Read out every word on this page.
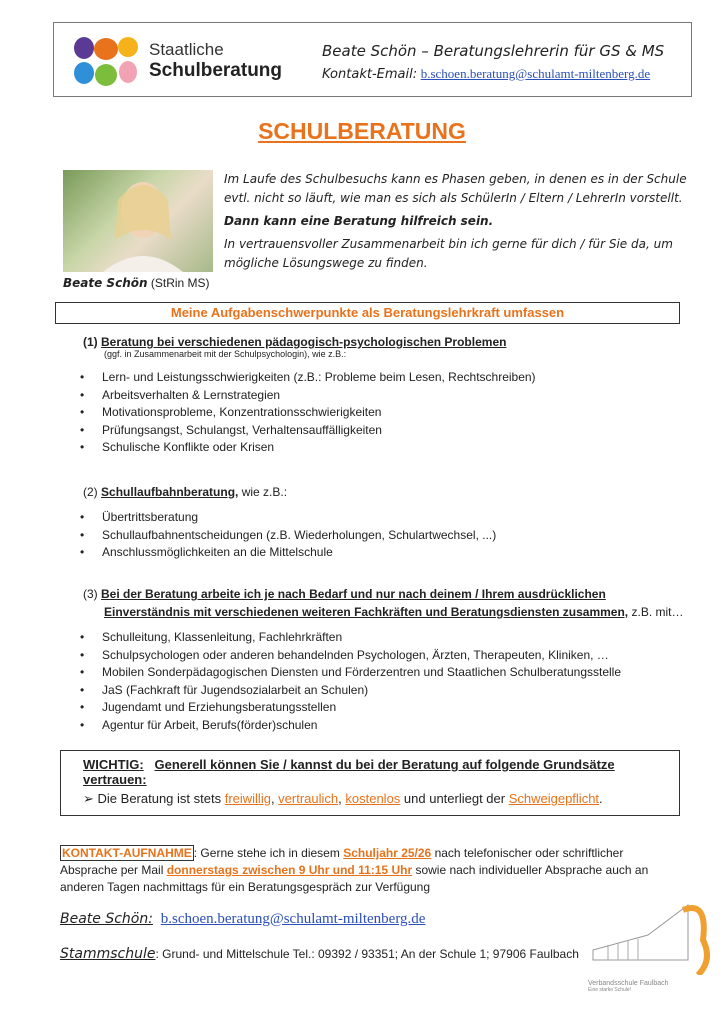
Staatliche
Schulberatung
Beate Schön – Beratungslehrerin für GS & MS
Kontakt-Email: b.schoen.beratung@schulamt-miltenberg.de
SCHULBERATUNG

Im Laufe des Schulbesuchs kann es Phasen geben, in denen es in der Schule evtl. nicht so läuft, wie man es sich als SchülerIn / Eltern / LehrerIn vorstellt.

Dann kann eine Beratung hilfreich sein.

In vertrauensvoller Zusammenarbeit bin ich gerne für dich / für Sie da, um mögliche Lösungswege zu finden.

Beate Schön (StRin MS)
Meine Aufgabenschwerpunkte als Beratungslehrkraft umfassen
(1) Beratung bei verschiedenen pädagogisch-psychologischen Problemen
(ggf. in Zusammenarbeit mit der Schulpsychologin), wie z.B.:
• Lern- und Leistungsschwierigkeiten (z.B.: Probleme beim Lesen, Rechtschreiben)
• Arbeitsverhalten & Lernstrategien
• Motivationsprobleme, Konzentrationsschwierigkeiten
• Prüfungsangst, Schulangst, Verhaltensauffälligkeiten
• Schulische Konflikte oder Krisen
(2) Schullaufbahnberatung, wie z.B.:
• Übertrittsberatung
• Schullaufbahnentscheidungen (z.B. Wiederholungen, Schulartwechsel, ...)
• Anschlussmöglichkeiten an die Mittelschule
(3) Bei der Beratung arbeite ich je nach Bedarf und nur nach deinem / Ihrem ausdrücklichen
Einverständnis mit verschiedenen weiteren Fachkräften und Beratungsdiensten zusammen, z.B. mit…
• Schulleitung, Klassenleitung, Fachlehrkräften
• Schulpsychologen oder anderen behandelnden Psychologen, Ärzten, Therapeuten, Kliniken, …
• Mobilen Sonderpädagogischen Diensten und Förderzentren und Staatlichen Schulberatungsstelle
• JaS (Fachkraft für Jugendsozialarbeit an Schulen)
• Jugendamt und Erziehungsberatungsstellen
• Agentur für Arbeit, Berufs(förder)schulen
WICHTIG: Generell können Sie / kannst du bei der Beratung auf folgende Grundsätze vertrauen:
➢ Die Beratung ist stets freiwillig, vertraulich, kostenlos und unterliegt der Schweigepflicht.
KONTAKT-AUFNAHME : Gerne stehe ich in diesem Schuljahr 25/26 nach telefonischer oder schriftlicher Absprache per Mail donnerstags zwischen 9 Uhr und 11:15 Uhr sowie nach individueller Absprache auch an anderen Tagen nachmittags für ein Beratungsgespräch zur Verfügung
Beate Schön: b.schoen.beratung@schulamt-miltenberg.de
Stammschule: Grund- und Mittelschule Tel.: 09392 / 93351; An der Schule 1; 97906 Faulbach
Verbandsschule Faulbach
Eine starke Schule!
